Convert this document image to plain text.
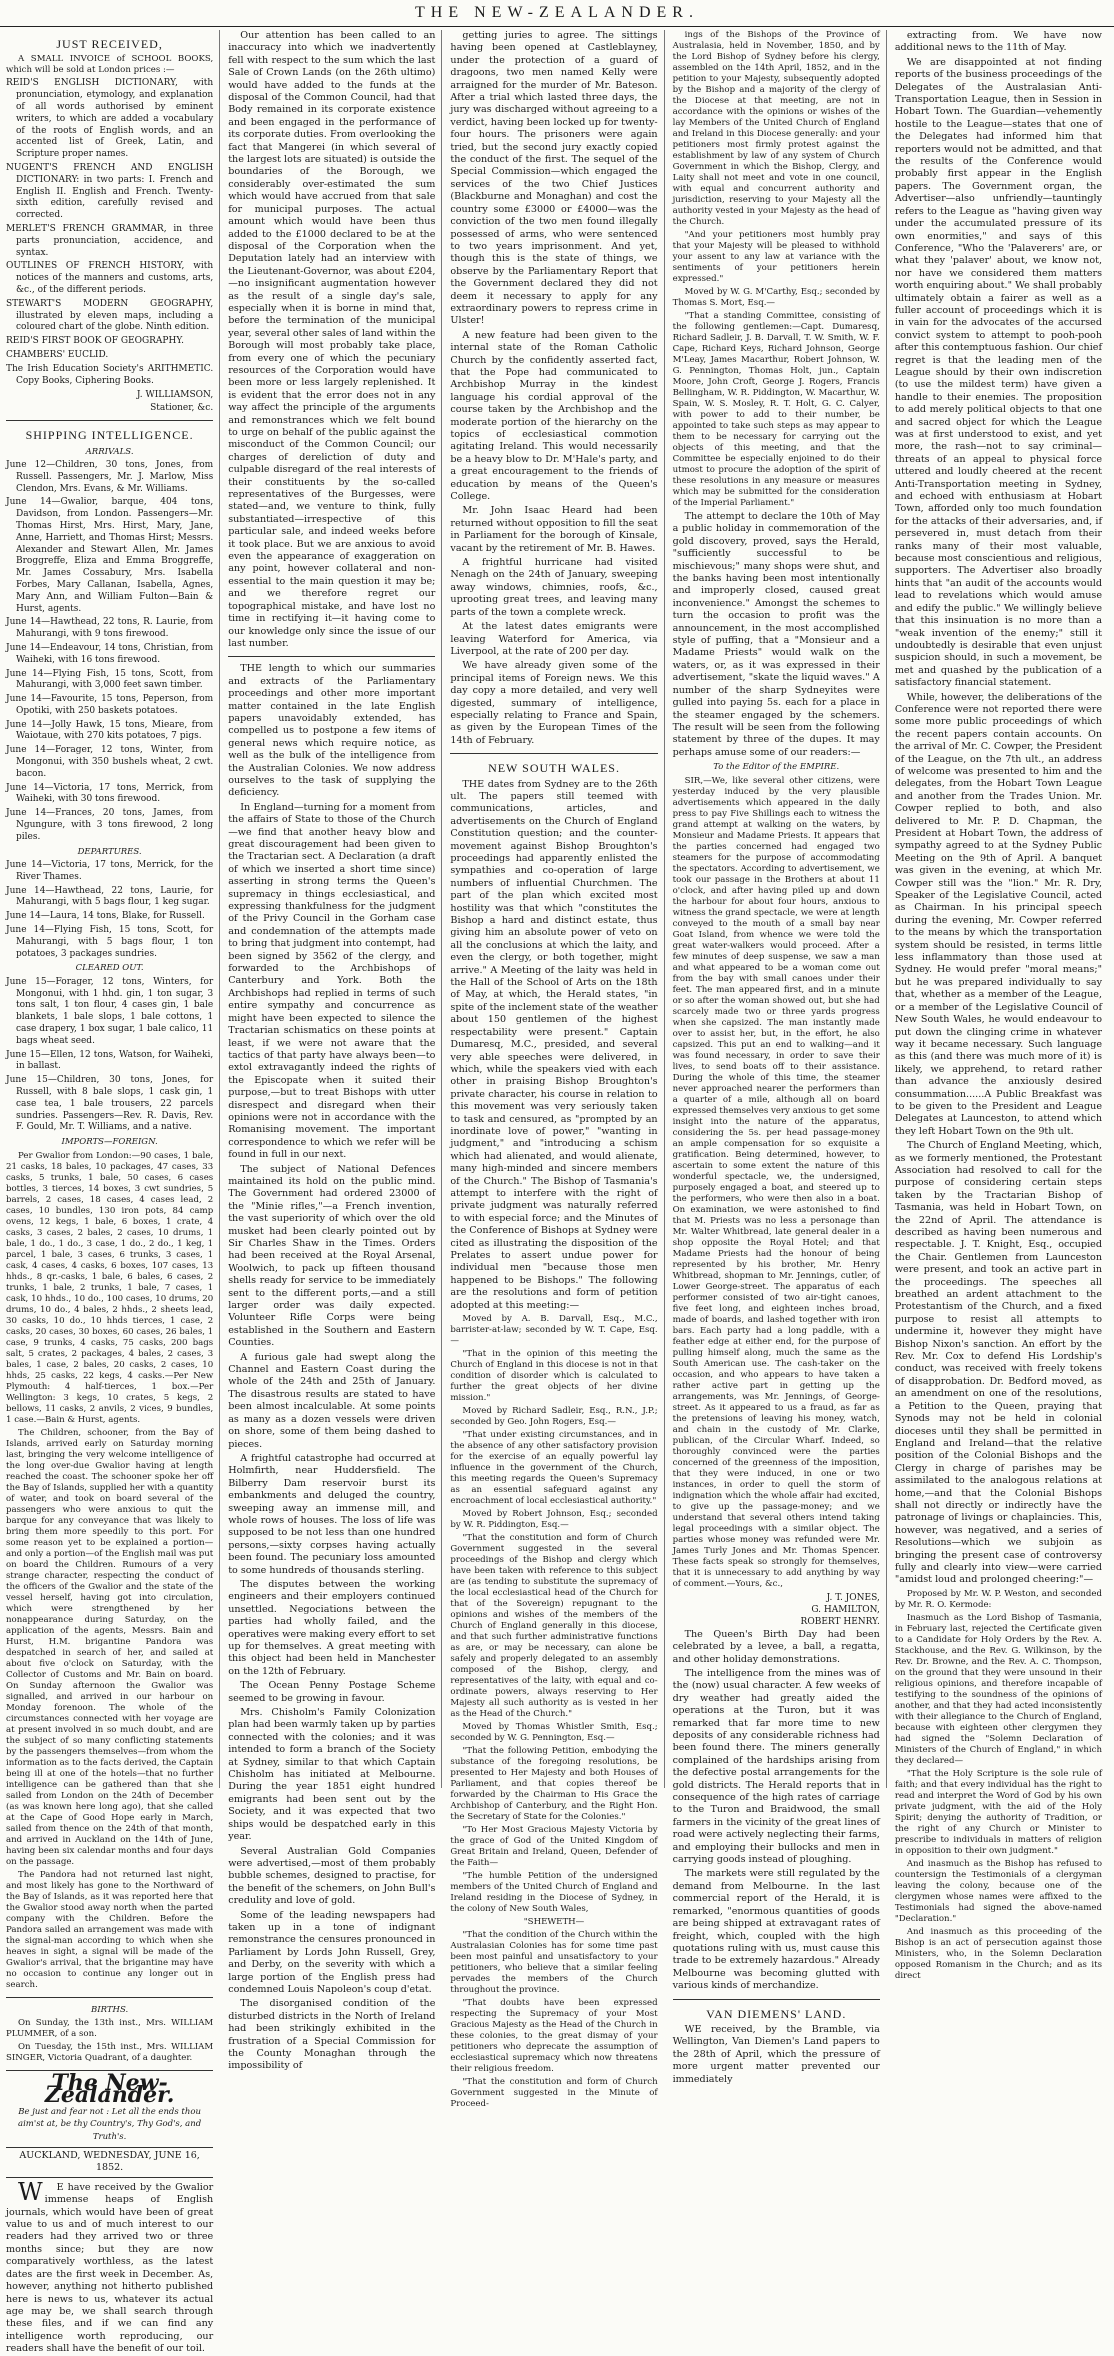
THE NEW-ZEALANDER.
JUST RECEIVED,

A SMALL INVOICE of SCHOOL BOOKS, which will be sold at London prices :—

REID'S ENGLISH DICTIONARY, with pronunciation, etymology, and explanation of all words authorised by eminent writers, to which are added a vocabulary of the roots of English words, and an accented list of Greek, Latin, and Scripture proper names.
NUGENT'S FRENCH AND ENGLISH DICTIONARY: in two parts: I. French and English II. English and French. Twenty-sixth edition, carefully revised and corrected.
MERLET'S FRENCH GRAMMAR, in three parts pronunciation, accidence, and syntax.
OUTLINES OF FRENCH HISTORY, with notices of the manners and customs, arts, &c., of the different periods.
STEWART'S MODERN GEOGRAPHY, illustrated by eleven maps, including a coloured chart of the globe. Ninth edition.
REID'S FIRST BOOK OF GEOGRAPHY.
CHAMBERS' EUCLID.
The Irish Education Society's ARITHMETIC. Copy Books, Ciphering Books.
J. WILLIAMSON,
Stationer, &c.
SHIPPING INTELLIGENCE.
ARRIVALS.
June 12—Children, 30 tons, Jones, from Russell. Passengers, Mr. J. Marlow, Miss Clendon, Mrs. Evans, & Mr. Williams.
June 14—Gwalior, barque, 404 tons, Davidson, from London. Passengers—Mr. Thomas Hirst, Mrs. Hirst, Mary, Jane, Anne, Harriett, and Thomas Hirst; Messrs. Alexander and Stewart Allen, Mr. James Broggreffe, Eliza and Emma Broggreffe, Mr. James Cossabury, Mrs. Isabella Forbes, Mary Callanan, Isabella, Agnes, Mary Ann, and William Fulton—Bain & Hurst, agents.
June 14—Hawthead, 22 tons, R. Laurie, from Mahurangi, with 9 tons firewood.
June 14—Endeavour, 14 tons, Christian, from Waiheki, with 16 tons firewood.
June 14—Flying Fish, 15 tons, Scott, from Mahurangi, with 3,000 feet sawn timber.
June 14—Favourite, 15 tons, Peperson, from Opotiki, with 250 baskets potatoes.
June 14—Jolly Hawk, 15 tons, Mieare, from Waiotaue, with 270 kits potatoes, 7 pigs.
June 14—Forager, 12 tons, Winter, from Mongonui, with 350 bushels wheat, 2 cwt. bacon.
June 14—Victoria, 17 tons, Merrick, from Waiheki, with 30 tons firewood.
June 14—Frances, 20 tons, James, from Ngungure, with 3 tons firewood, 2 long piles.
DEPARTURES.
June 14—Victoria, 17 tons, Merrick, for the River Thames.
June 14—Hawthead, 22 tons, Laurie, for Mahurangi, with 5 bags flour, 1 keg sugar.
June 14—Laura, 14 tons, Blake, for Russell.
June 14—Flying Fish, 15 tons, Scott, for Mahurangi, with 5 bags flour, 1 ton potatoes, 3 packages sundries.
CLEARED OUT.
June 15—Forager, 12 tons, Winters, for Mongonui, with 1 hhd. gin, 1 ton sugar, 3 tons salt, 1 ton flour, 4 cases gin, 1 bale blankets, 1 bale slops, 1 bale cottons, 1 case drapery, 1 box sugar, 1 bale calico, 11 bags wheat seed.
June 15—Ellen, 12 tons, Watson, for Waiheki, in ballast.
June 15—Children, 30 tons, Jones, for Russell, with 8 bale slops, 1 cask gin, 1 case tea, 1 bale trousers, 22 parcels sundries. Passengers—Rev. R. Davis, Rev. F. Gould, Mr. T. Williams, and a native.
IMPORTS—FOREIGN.

Per Gwalior from London:—90 cases, 1 bale, 21 casks, 18 bales, 10 packages, 47 cases, 33 casks, 5 trunks, 1 bale, 50 cases, 6 cases bottles, 3 tierces, 14 boxes, 3 cwt sundries, 5 barrels, 2 cases, 18 cases, 4 cases lead, 2 cases, 10 bundles, 130 iron pots, 84 camp ovens, 12 kegs, 1 bale, 6 boxes, 1 crate, 4 casks, 3 cases, 2 bales, 2 cases, 10 drums, 1 bale, 1 do., 1 do., 3 case, 1 do., 2 do., 1 keg, 1 parcel, 1 bale, 3 cases, 6 trunks, 3 cases, 1 cask, 4 cases, 4 casks, 6 boxes, 107 cases, 13 hhds., 8 qr.-casks, 1 bale, 6 bales, 6 cases, 2 trunks, 1 bale, 2 trunks, 1 bale, 7 cases, 1 cask, 10 hhds., 10 do., 100 cases, 10 drums, 20 drums, 10 do., 4 bales, 2 hhds., 2 sheets lead, 30 casks, 10 do., 10 hhds tierces, 1 case, 2 casks, 20 cases, 30 boxes, 60 cases, 26 bales, 1 case, 9 trunks, 4 casks, 75 casks, 200 bags salt, 5 crates, 2 packages, 4 bales, 2 cases, 3 bales, 1 case, 2 bales, 20 casks, 2 cases, 10 hhds, 25 casks, 22 kegs, 4 casks.—Per New Plymouth: 4 half-tierces, 1 box.—Per Wellington: 3 kegs, 10 crates, 5 kegs, 2 bellows, 11 casks, 2 anvils, 2 vices, 9 bundles, 1 case.—Bain & Hurst, agents.

The Children, schooner, from the Bay of Islands, arrived early on Saturday morning last, bringing the very welcome intelligence of the long over-due Gwalior having at length reached the coast. The schooner spoke her off the Bay of Islands, supplied her with a quantity of water, and took on board several of the passengers who were anxious to quit the barque for any conveyance that was likely to bring them more speedily to this port. For some reason yet to be explained a portion—and only a portion—of the English mail was put on board the Children. Rumours of a very strange character, respecting the conduct of the officers of the Gwalior and the state of the vessel herself, having got into circulation, which were strengthened by her nonappearance during Saturday, on the application of the agents, Messrs. Bain and Hurst, H.M. brigantine Pandora was despatched in search of her, and sailed at about five o'clock on Saturday, with the Collector of Customs and Mr. Bain on board. On Sunday afternoon the Gwalior was signalled, and arrived in our harbour on Monday forenoon. The whole of the circumstances connected with her voyage are at present involved in so much doubt, and are the subject of so many conflicting statements by the passengers themselves—from whom the information as to the facts derived, the Captain being ill at one of the hotels—that no further intelligence can be gathered than that she sailed from London on the 24th of December (as was known here long ago), that she called at the Cape of Good Hope early in March, sailed from thence on the 24th of that month, and arrived in Auckland on the 14th of June, having been six calendar months and four days on the passage.

The Pandora had not returned last night, and most likely has gone to the Northward of the Bay of Islands, as it was reported here that the Gwalior stood away north when the parted company with the Children. Before the Pandora sailed an arrangement was made with the signal-man according to which when she heaves in sight, a signal will be made of the Gwalior's arrival, that the brigantine may have no occasion to continue any longer out in search.

BIRTHS.

On Sunday, the 13th inst., Mrs. WILLIAM PLUMMER, of a son.

On Tuesday, the 15th inst., Mrs. WILLIAM SINGER, Victoria Quadrant, of a daughter.

The New-Zealander.
Be just and fear not : Let all the ends thou aim'st at, be thy Country's, Thy God's, and Truth's.
AUCKLAND, WEDNESDAY, JUNE 16, 1852.

WE have received by the Gwalior immense heaps of English journals, which would have been of great value to us and of much interest to our readers had they arrived two or three months since; but they are now comparatively worthless, as the latest dates are the first week in December. As, however, anything not hitherto published here is news to us, whatever its actual age may be, we shall search through these files, and if we can find any intelligence worth reproducing, our readers shall have the benefit of our toil.

Our attention has been called to an inaccuracy into which we inadvertently fell with respect to the sum which the last Sale of Crown Lands (on the 26th ultimo) would have added to the funds at the disposal of the Common Council, had that Body remained in its corporate existence and been engaged in the performance of its corporate duties. From overlooking the fact that Mangerei (in which several of the largest lots are situated) is outside the boundaries of the Borough, we considerably over-estimated the sum which would have accrued from that sale for municipal purposes. The actual amount which would have been thus added to the £1000 declared to be at the disposal of the Corporation when the Deputation lately had an interview with the Lieutenant-Governor, was about £204, —no insignificant augmentation however as the result of a single day's sale, especially when it is borne in mind that, before the termination of the municipal year, several other sales of land within the Borough will most probably take place, from every one of which the pecuniary resources of the Corporation would have been more or less largely replenished. It is evident that the error does not in any way affect the principle of the arguments and remonstrances which we felt bound to urge on behalf of the public against the misconduct of the Common Council; our charges of dereliction of duty and culpable disregard of the real interests of their constituents by the so-called representatives of the Burgesses, were stated—and, we venture to think, fully substantiated—irrespective of this particular sale, and indeed weeks before it took place. But we are anxious to avoid even the appearance of exaggeration on any point, however collateral and non-essential to the main question it may be; and we therefore regret our topographical mistake, and have lost no time in rectifying it—it having come to our knowledge only since the issue of our last number.

THE length to which our summaries and extracts of the Parliamentary proceedings and other more important matter contained in the late English papers unavoidably extended, has compelled us to postpone a few items of general news which require notice, as well as the bulk of the intelligence from the Australian Colonies. We now address ourselves to the task of supplying the deficiency.

In England—turning for a moment from the affairs of State to those of the Church —we find that another heavy blow and great discouragement had been given to the Tractarian sect. A Declaration (a draft of which we inserted a short time since) asserting in strong terms the Queen's supremacy in things ecclesiastical, and expressing thankfulness for the judgment of the Privy Council in the Gorham case and condemnation of the attempts made to bring that judgment into contempt, had been signed by 3562 of the clergy, and forwarded to the Archbishops of Canterbury and York. Both the Archbishops had replied in terms of such entire sympathy and concurrence as might have been expected to silence the Tractarian schismatics on these points at least, if we were not aware that the tactics of that party have always been—to extol extravagantly indeed the rights of the Episcopate when it suited their purpose,—but to treat Bishops with utter disrespect and disregard when their opinions were not in accordance with the Romanising movement. The important correspondence to which we refer will be found in full in our next.

The subject of National Defences maintained its hold on the public mind. The Government had ordered 23000 of the "Minie rifles,"—a French invention, the vast superiority of which over the old musket had been clearly pointed out by Sir Charles Shaw in the Times. Orders had been received at the Royal Arsenal, Woolwich, to pack up fifteen thousand shells ready for service to be immediately sent to the different ports,—and a still larger order was daily expected. Volunteer Rifle Corps were being established in the Southern and Eastern Counties.

A furious gale had swept along the Channel and Eastern Coast during the whole of the 24th and 25th of January. The disastrous results are stated to have been almost incalculable. At some points as many as a dozen vessels were driven on shore, some of them being dashed to pieces.

A frightful catastrophe had occurred at Holmfirth, near Huddersfield. The Bilberry Dam reservoir burst its embankments and deluged the country, sweeping away an immense mill, and whole rows of houses. The loss of life was supposed to be not less than one hundred persons,—sixty corpses having actually been found. The pecuniary loss amounted to some hundreds of thousands sterling.

The disputes between the working engineers and their employers continued unsettled. Negociations between the parties had wholly failed, and the operatives were making every effort to set up for themselves. A great meeting with this object had been held in Manchester on the 12th of February.

The Ocean Penny Postage Scheme seemed to be growing in favour.

Mrs. Chisholm's Family Colonization plan had been warmly taken up by parties connected with the colonies; and it was intended to form a branch of the Society at Sydney, similar to that which Captain Chisholm has initiated at Melbourne. During the year 1851 eight hundred emigrants had been sent out by the Society, and it was expected that two ships would be despatched early in this year.

Several Australian Gold Companies were advertised,—most of them probably bubble schemes, designed to practise, for the benefit of the schemers, on John Bull's credulity and love of gold.

Some of the leading newspapers had taken up in a tone of indignant remonstrance the censures pronounced in Parliament by Lords John Russell, Grey, and Derby, on the severity with which a large portion of the English press had condemned Louis Napoleon's coup d'etat.

The disorganised condition of the disturbed districts in the North of Ireland had been strikingly exhibited in the frustration of a Special Commission for the County Monaghan through the impossibility of

getting juries to agree. The sittings having been opened at Castleblayney, under the protection of a guard of dragoons, two men named Kelly were arraigned for the murder of Mr. Bateson. After a trial which lasted three days, the jury was discharged without agreeing to a verdict, having been locked up for twenty-four hours. The prisoners were again tried, but the second jury exactly copied the conduct of the first. The sequel of the Special Commission—which engaged the services of the two Chief Justices (Blackburne and Monaghan) and cost the country some £3000 or £4000—was the conviction of the two men found illegally possessed of arms, who were sentenced to two years imprisonment. And yet, though this is the state of things, we observe by the Parliamentary Report that the Government declared they did not deem it necessary to apply for any extraordinary powers to repress crime in Ulster!

A new feature had been given to the internal state of the Roman Catholic Church by the confidently asserted fact, that the Pope had communicated to Archbishop Murray in the kindest language his cordial approval of the course taken by the Archbishop and the moderate portion of the hierarchy on the topics of ecclesiastical commotion agitating Ireland. This would necessarily be a heavy blow to Dr. M'Hale's party, and a great encouragement to the friends of education by means of the Queen's College.

Mr. John Isaac Heard had been returned without opposition to fill the seat in Parliament for the borough of Kinsale, vacant by the retirement of Mr. B. Hawes.

A frightful hurricane had visited Nenagh on the 24th of January, sweeping away windows, chimnies, roofs, &c., uprooting great trees, and leaving many parts of the town a complete wreck.

At the latest dates emigrants were leaving Waterford for America, via Liverpool, at the rate of 200 per day.

We have already given some of the principal items of Foreign news. We this day copy a more detailed, and very well digested, summary of intelligence, especially relating to France and Spain, as given by the European Times of the 14th of February.

NEW SOUTH WALES.

THE dates from Sydney are to the 26th ult. The papers still teemed with communications, articles, and advertisements on the Church of England Constitution question; and the counter-movement against Bishop Broughton's proceedings had apparently enlisted the sympathies and co-operation of large numbers of influential Churchmen. The part of the plan which excited most hostility was that which "constitutes the Bishop a hard and distinct estate, thus giving him an absolute power of veto on all the conclusions at which the laity, and even the clergy, or both together, might arrive." A Meeting of the laity was held in the Hall of the School of Arts on the 18th of May, at which, the Herald states, "in spite of the inclement state of the weather about 150 gentlemen of the highest respectability were present." Captain Dumaresq, M.C., presided, and several very able speeches were delivered, in which, while the speakers vied with each other in praising Bishop Broughton's private character, his course in relation to this movement was very seriously taken to task and censured, as "prompted by an inordinate love of power," "wanting in judgment," and "introducing a schism which had alienated, and would alienate, many high-minded and sincere members of the Church." The Bishop of Tasmania's attempt to interfere with the right of private judgment was naturally referred to with especial force; and the Minutes of the Conference of Bishops at Sydney were cited as illustrating the disposition of the Prelates to assert undue power for individual men "because those men happened to be Bishops." The following are the resolutions and form of petition adopted at this meeting:—

Moved by A. B. Darvall, Esq., M.C., barrister-at-law; seconded by W. T. Cape, Esq.—

"That in the opinion of this meeting the Church of England in this diocese is not in that condition of disorder which is calculated to further the great objects of her divine mission."

Moved by Richard Sadleir, Esq., R.N., J.P.; seconded by Geo. John Rogers, Esq.—

"That under existing circumstances, and in the absence of any other satisfactory provision for the exercise of an equally powerful lay influence in the government of the Church, this meeting regards the Queen's Supremacy as an essential safeguard against any encroachment of local ecclesiastical authority."

Moved by Robert Johnson, Esq.; seconded by W. R. Piddington, Esq.—

"That the constitution and form of Church Government suggested in the several proceedings of the Bishop and clergy which have been taken with reference to this subject are (as tending to substitute the supremacy of the local ecclesiastical head of the Church for that of the Sovereign) repugnant to the opinions and wishes of the members of the Church of England generally in this diocese, and that such further administrative functions as are, or may be necessary, can alone be safely and properly delegated to an assembly composed of the Bishop, clergy, and representatives of the laity, with equal and co-ordinate powers, always reserving to Her Majesty all such authority as is vested in her as the Head of the Church."

Moved by Thomas Whistler Smith, Esq.; seconded by W. G. Pennington, Esq.—

"That the following Petition, embodying the substance of the foregoing resolutions, be presented to Her Majesty and both Houses of Parliament, and that copies thereof be forwarded by the Chairman to His Grace the Archbishop of Canterbury, and the Right Hon. the Secretary of State for the Colonies."

"To Her Most Gracious Majesty Victoria by the grace of God of the United Kingdom of Great Britain and Ireland, Queen, Defender of the Faith—

"The humble Petition of the undersigned members of the United Church of England and Ireland residing in the Diocese of Sydney, in the colony of New South Wales,

"SHEWETH—

"That the condition of the Church within the Australasian Colonies has for some time past been most painful and unsatisfactory to your petitioners, who believe that a similar feeling pervades the members of the Church throughout the province.

"That doubts have been expressed respecting the Supremacy of your Most Gracious Majesty as the Head of the Church in these colonies, to the great dismay of your petitioners who deprecate the assumption of ecclesiastical supremacy which now threatens their religious freedom.

"That the constitution and form of Church Government suggested in the Minute of Proceed-

ings of the Bishops of the Province of Australasia, held in November, 1850, and by the Lord Bishop of Sydney before his clergy, assembled on the 14th April, 1852, and in the petition to your Majesty, subsequently adopted by the Bishop and a majority of the clergy of the Diocese at that meeting, are not in accordance with the opinions or wishes of the lay Members of the United Church of England and Ireland in this Diocese generally: and your petitioners most firmly protest against the establishment by law of any system of Church Government in which the Bishop, Clergy, and Laity shall not meet and vote in one council, with equal and concurrent authority and jurisdiction, reserving to your Majesty all the authority vested in your Majesty as the head of the Church.

"And your petitioners most humbly pray that your Majesty will be pleased to withhold your assent to any law at variance with the sentiments of your petitioners herein expressed."

Moved by W. G. M'Carthy, Esq.; seconded by Thomas S. Mort, Esq.—

"That a standing Committee, consisting of the following gentlemen:—Capt. Dumaresq, Richard Sadleir, J. B. Darvall, T. W. Smith, W. F. Cape, Richard Keys, Richard Johnson, George M'Leay, James Macarthur, Robert Johnson, W. G. Pennington, Thomas Holt, jun., Captain Moore, John Croft, George J. Rogers, Francis Bellingham, W. R. Piddington, W. Macarthur, W. Spain, W. S. Mosley, R. T. Holt, G. C. Calyer, with power to add to their number, be appointed to take such steps as may appear to them to be necessary for carrying out the objects of this meeting, and that the Committee be especially enjoined to do their utmost to procure the adoption of the spirit of these resolutions in any measure or measures which may be submitted for the consideration of the Imperial Parliament."

The attempt to declare the 10th of May a public holiday in commemoration of the gold discovery, proved, says the Herald, "sufficiently successful to be mischievous;" many shops were shut, and the banks having been most intentionally and improperly closed, caused great inconvenience." Amongst the schemes to turn the occasion to profit was the announcement, in the most accomplished style of puffing, that a "Monsieur and a Madame Priests" would walk on the waters, or, as it was expressed in their advertisement, "skate the liquid waves." A number of the sharp Sydneyites were gulled into paying 5s. each for a place in the steamer engaged by the schemers. The result will be seen from the following statement by three of the dupes. It may perhaps amuse some of our readers:—

To the Editor of the EMPIRE.

SIR,—We, like several other citizens, were yesterday induced by the very plausible advertisements which appeared in the daily press to pay Five Shillings each to witness the grand attempt at walking on the waters, by Monsieur and Madame Priests. It appears that the parties concerned had engaged two steamers for the purpose of accommodating the spectators. According to advertisement, we took our passage in the Brothers at about 11 o'clock, and after having piled up and down the harbour for about four hours, anxious to witness the grand spectacle, we were at length conveyed to the mouth of a small bay near Goat Island, from whence we were told the great water-walkers would proceed. After a few minutes of deep suspense, we saw a man and what appeared to be a woman come out from the bay with small canoes under their feet. The man appeared first, and in a minute or so after the woman showed out, but she had scarcely made two or three yards progress when she capsized. The man instantly made over to assist her, but, in the effort, he also capsized. This put an end to walking—and it was found necessary, in order to save their lives, to send boats off to their assistance. During the whole of this time, the steamer never approached nearer the performers than a quarter of a mile, although all on board expressed themselves very anxious to get some insight into the nature of the apparatus, considering the 5s. per head passage-money an ample compensation for so exquisite a gratification. Being determined, however, to ascertain to some extent the nature of this wonderful spectacle, we, the undersigned, purposely engaged a boat, and steered up to the performers, who were then also in a boat. On examination, we were astonished to find that M. Priests was no less a personage than Mr. Walter Whitbread, late general dealer in a shop opposite the Royal Hotel; and that Madame Priests had the honour of being represented by his brother, Mr. Henry Whitbread, shopman to Mr. Jennings, cutler, of Lower George-street. The apparatus of each performer consisted of two air-tight canoes, five feet long, and eighteen inches broad, made of boards, and lashed together with iron bars. Each party had a long paddle, with a feather edge at either end, for the purpose of pulling himself along, much the same as the South American use. The cash-taker on the occasion, and who appears to have taken a rather active part in getting up the arrangements, was Mr. Jennings, of George-street. As it appeared to us a fraud, as far as the pretensions of leaving his money, watch, and chain in the custody of Mr. Clarke, publican, of the Circular Wharf. Indeed, so thoroughly convinced were the parties concerned of the greenness of the imposition, that they were induced, in one or two instances, in order to quell the storm of indignation which the whole affair had excited, to give up the passage-money; and we understand that several others intend taking legal proceedings with a similar object. The parties whose money was refunded were Mr. James Turly Jones and Mr. Thomas Spencer. These facts speak so strongly for themselves, that it is unnecessary to add anything by way of comment.—Yours, &c.,

J. T. JONES,
G. HAMILTON,
ROBERT HENRY.

The Queen's Birth Day had been celebrated by a levee, a ball, a regatta, and other holiday demonstrations.

The intelligence from the mines was of the (now) usual character. A few weeks of dry weather had greatly aided the operations at the Turon, but it was remarked that far more time to new deposits of any considerable richness had been found there. The miners generally complained of the hardships arising from the defective postal arrangements for the gold districts. The Herald reports that in consequence of the high rates of carriage to the Turon and Braidwood, the small farmers in the vicinity of the great lines of road were actively neglecting their farms, and employing their bullocks and men in carrying goods instead of ploughing.

The markets were still regulated by the demand from Melbourne. In the last commercial report of the Herald, it is remarked, "enormous quantities of goods are being shipped at extravagant rates of freight, which, coupled with the high quotations ruling with us, must cause this trade to be extremely hazardous." Already Melbourne was becoming glutted with various kinds of merchandize.

VAN DIEMENS' LAND.

WE received, by the Bramble, via Wellington, Van Diemen's Land papers to the 28th of April, which the pressure of more urgent matter prevented our immediately

extracting from. We have now additional news to the 11th of May.

We are disappointed at not finding reports of the business proceedings of the Delegates of the Australasian Anti-Transportation League, then in Session in Hobart Town. The Guardian—vehemently hostile to the League—states that one of the Delegates had informed him that reporters would not be admitted, and that the results of the Conference would probably first appear in the English papers. The Government organ, the Advertiser—also unfriendly—tauntingly refers to the League as "having given way under the accumulated pressure of its own enormities," and says of this Conference, "Who the 'Palaverers' are, or what they 'palaver' about, we know not, nor have we considered them matters worth enquiring about." We shall probably ultimately obtain a fairer as well as a fuller account of proceedings which it is in vain for the advocates of the accursed convict system to attempt to pooh-pooh after this contemptuous fashion. Our chief regret is that the leading men of the League should by their own indiscretion (to use the mildest term) have given a handle to their enemies. The proposition to add merely political objects to that one and sacred object for which the League was at first understood to exist, and yet more, the rash—not to say criminal—threats of an appeal to physical force uttered and loudly cheered at the recent Anti-Transportation meeting in Sydney, and echoed with enthusiasm at Hobart Town, afforded only too much foundation for the attacks of their adversaries, and, if persevered in, must detach from their ranks many of their most valuable, because most conscientious and religious, supporters. The Advertiser also broadly hints that "an audit of the accounts would lead to revelations which would amuse and edify the public." We willingly believe that this insinuation is no more than a "weak invention of the enemy;" still it undoubtedly is desirable that even unjust suspicion should, in such a movement, be met and quashed by the publication of a satisfactory financial statement.

While, however, the deliberations of the Conference were not reported there were some more public proceedings of which the recent papers contain accounts. On the arrival of Mr. C. Cowper, the President of the League, on the 7th ult., an address of welcome was presented to him and the delegates, from the Hobart Town League and another from the Trades Union. Mr. Cowper replied to both, and also delivered to Mr. P. D. Chapman, the President at Hobart Town, the address of sympathy agreed to at the Sydney Public Meeting on the 9th of April. A banquet was given in the evening, at which Mr. Cowper still was the "lion." Mr. R. Dry, Speaker of the Legislative Council, acted as Chairman. In his principal speech during the evening, Mr. Cowper referred to the means by which the transportation system should be resisted, in terms little less inflammatory than those used at Sydney. He would prefer "moral means;" but he was prepared individually to say that, whether as a member of the League, or a member of the Legislative Council of New South Wales, he would endeavour to put down the clinging crime in whatever way it became necessary. Such language as this (and there was much more of it) is likely, we apprehend, to retard rather than advance the anxiously desired consummation......A Public Breakfast was to be given to the President and League Delegates at Launceston, to attend which they left Hobart Town on the 9th ult.

The Church of England Meeting, which, as we formerly mentioned, the Protestant Association had resolved to call for the purpose of considering certain steps taken by the Tractarian Bishop of Tasmania, was held in Hobart Town, on the 22nd of April. The attendance is described as having been numerous and respectable. J. T. Knight, Esq., occupied the Chair. Gentlemen from Launceston were present, and took an active part in the proceedings. The speeches all breathed an ardent attachment to the Protestantism of the Church, and a fixed purpose to resist all attempts to undermine it, however they might have Bishop Nixon's sanction. An effort by the Rev. Mr. Cox to defend His Lordship's conduct, was received with freely tokens of disapprobation. Dr. Bedford moved, as an amendment on one of the resolutions, a Petition to the Queen, praying that Synods may not be held in colonial dioceses until they shall be permitted in England and Ireland—that the relative position of the Colonial Bishops and the Clergy in charge of parishes may be assimilated to the analogous relations at home,—and that the Colonial Bishops shall not directly or indirectly have the patronage of livings or chaplaincies. This, however, was negatived, and a series of Resolutions—which we subjoin as bringing the present case of controversy fully and clearly into view—were carried "amidst loud and prolonged cheering:"—

Proposed by Mr. W. P. Weston, and seconded by Mr. R. O. Kermode:

Inasmuch as the Lord Bishop of Tasmania, in February last, rejected the Certificate given to a Candidate for Holy Orders by the Rev. A. Stackhouse, and the Rev. G. Wilkinson, by the Rev. Dr. Browne, and the Rev. A. C. Thompson, on the ground that they were unsound in their religious opinions, and therefore incapable of testifying to the soundness of the opinions of another, and that they had acted inconsistently with their allegiance to the Church of England, because with eighteen other clergymen they had signed the "Solemn Declaration of Ministers of the Church of England," in which they declared—

"That the Holy Scripture is the sole rule of faith; and that every individual has the right to read and interpret the Word of God by his own private judgment, with the aid of the Holy Spirit; denying the authority of Tradition, or the right of any Church or Minister to prescribe to individuals in matters of religion in opposition to their own judgment."

And inasmuch as the Bishop has refused to countersign the Testimonials of a clergyman leaving the colony, because one of the clergymen whose names were affixed to the Testimonials had signed the above-named "Declaration."

And inasmuch as this proceeding of the Bishop is an act of persecution against those Ministers, who, in the Solemn Declaration opposed Romanism in the Church; and as its direct
